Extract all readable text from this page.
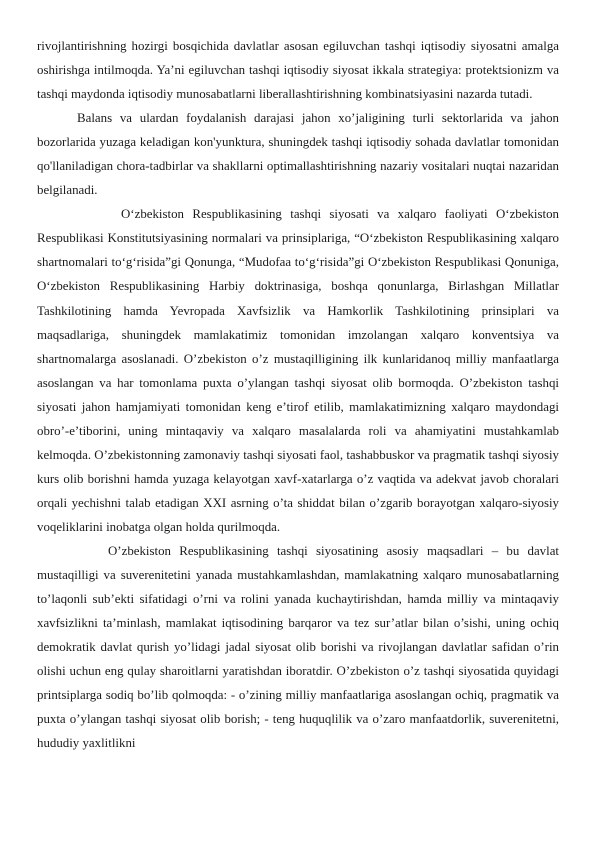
rivojlantirishning hozirgi bosqichida davlatlar asosan egiluvchan tashqi iqtisodiy siyosatni amalga oshirishga intilmoqda. Ya’ni egiluvchan tashqi iqtisodiy siyosat ikkala strategiya: protektsionizm va tashqi maydonda iqtisodiy munosabatlarni liberallashtirishning kombinatsiyasini nazarda tutadi.

Balans va ulardan foydalanish darajasi jahon xo’jaligining turli sektorlarida va jahon bozorlarida yuzaga keladigan kon'yunktura, shuningdek tashqi iqtisodiy sohada davlatlar tomonidan qo'llaniladigan chora-tadbirlar va shakllarni optimallashtirishning nazariy vositalari nuqtai nazaridan belgilanadi.

O‘zbekiston Respublikasining tashqi siyosati va xalqaro faoliyati O‘zbekiston Respublikasi Konstitutsiyasining normalari va prinsiplariga, “O‘zbekiston Respublikasining xalqaro shartnomalari to‘g‘risida”gi Qonunga, “Mudofaa to‘g‘risida”gi O‘zbekiston Respublikasi Qonuniga, O‘zbekiston Respublikasining Harbiy doktrinasiga, boshqa qonunlarga, Birlashgan Millatlar Tashkilotining hamda Yevropada Xavfsizlik va Hamkorlik Tashkilotining prinsiplari va maqsadlariga, shuningdek mamlakatimiz tomonidan imzolangan xalqaro konventsiya va shartnomalarga asoslanadi. O’zbekiston o’z mustaqilligining ilk kunlaridanoq milliy manfaatlarga asoslangan va har tomonlama puxta o’ylangan tashqi siyosat olib bormoqda. O’zbekiston tashqi siyosati jahon hamjamiyati tomonidan keng e’tirof etilib, mamlakatimizning xalqaro maydondagi obro’-e’tiborini, uning mintaqaviy va xalqaro masalalarda roli va ahamiyatini mustahkamlab kelmoqda. O’zbekistonning zamonaviy tashqi siyosati faol, tashabbuskor va pragmatik tashqi siyosiy kurs olib borishni hamda yuzaga kelayotgan xavf-xatarlarga o’z vaqtida va adekvat javob choralari orqali yechishni talab etadigan XXI asrning o’ta shiddat bilan o’zgarib borayotgan xalqaro-siyosiy voqeliklarini inobatga olgan holda qurilmoqda.

O’zbekiston Respublikasining tashqi siyosatining asosiy maqsadlari – bu davlat mustaqilligi va suverenitetini yanada mustahkamlashdan, mamlakatning xalqaro munosabatlarning to’laqonli sub’ekti sifatidagi o’rni va rolini yanada kuchaytirishdan, hamda milliy va mintaqaviy xavfsizlikni ta’minlash, mamlakat iqtisodining barqaror va tez sur’atlar bilan o’sishi, uning ochiq demokratik davlat qurish yo’lidagi jadal siyosat olib borishi va rivojlangan davlatlar safidan o’rin olishi uchun eng qulay sharoitlarni yaratishdan iboratdir. O’zbekiston o’z tashqi siyosatida quyidagi printsiplarga sodiq bo’lib qolmoqda: - o’zining milliy manfaatlariga asoslangan ochiq, pragmatik va puxta o’ylangan tashqi siyosat olib borish; - teng huquqlilik va o’zaro manfaatdorlik, suverenitetni, hududiy yaxlitlikni
